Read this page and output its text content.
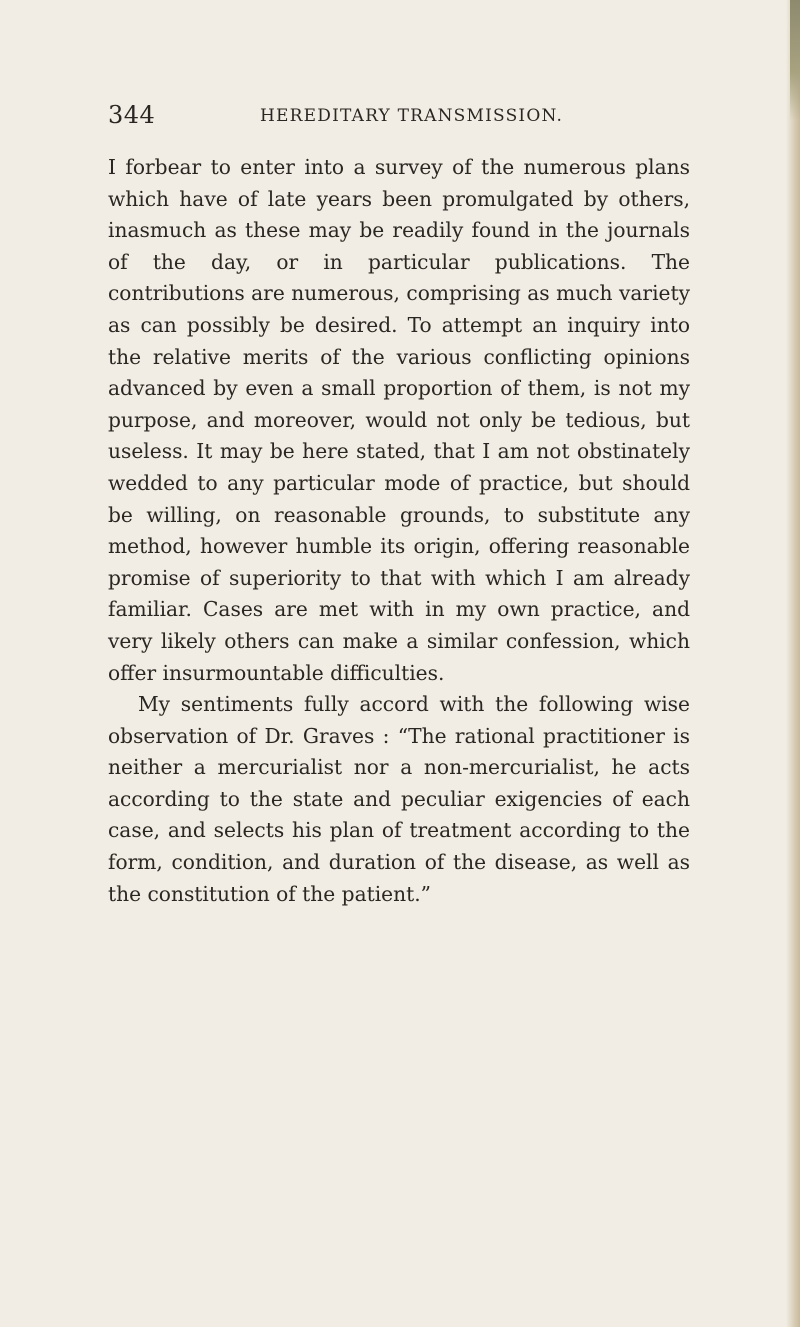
344	HEREDITARY TRANSMISSION.

I forbear to enter into a survey of the numerous plans which have of late years been promulgated by others, inasmuch as these may be readily found in the journals of the day, or in particular publications. The contributions are numerous, comprising as much variety as can possibly be desired. To attempt an inquiry into the relative merits of the various conflicting opinions advanced by even a small proportion of them, is not my purpose, and moreover, would not only be tedious, but useless. It may be here stated, that I am not obstinately wedded to any particular mode of practice, but should be willing, on reasonable grounds, to substitute any method, however humble its origin, offering reasonable promise of superiority to that with which I am already familiar. Cases are met with in my own practice, and very likely others can make a similar confession, which offer insurmountable difficulties.

My sentiments fully accord with the following wise observation of Dr. Graves : “The rational practitioner is neither a mercurialist nor a non-mercurialist, he acts according to the state and peculiar exigencies of each case, and selects his plan of treatment according to the form, condition, and duration of the disease, as well as the constitution of the patient.”
